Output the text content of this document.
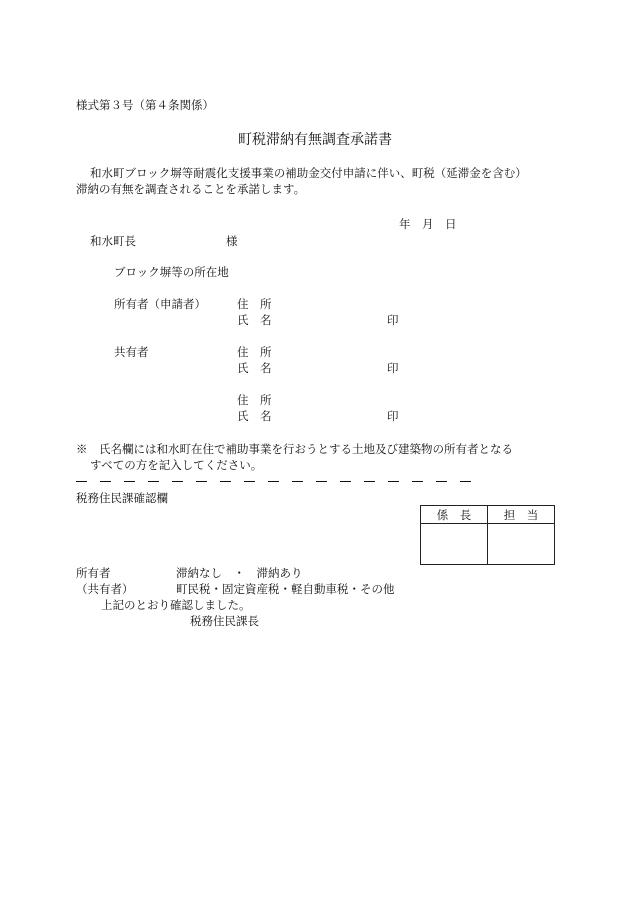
様式第３号（第４条関係）
町税滞納有無調査承諾書
和水町ブロック塀等耐震化支援事業の補助金交付申請に伴い、町税（延滞金を含む）
滞納の有無を調査されることを承諾します。
年　月　日
和水町長	様
ブロック塀等の所在地
所有者（申請者）	住　所
氏　名	印
共有者	住　所
氏　名	印
住　所
氏　名	印
※　氏名欄には和水町在住で補助事業を行おうとする土地及び建築物の所有者となる
すべての方を記入してください。
税務住民課確認欄
係　長	担　当

所有者	滞納なし　・　滞納あり
（共有者）	町民税・固定資産税・軽自動車税・その他
上記のとおり確認しました。
税務住民課長
